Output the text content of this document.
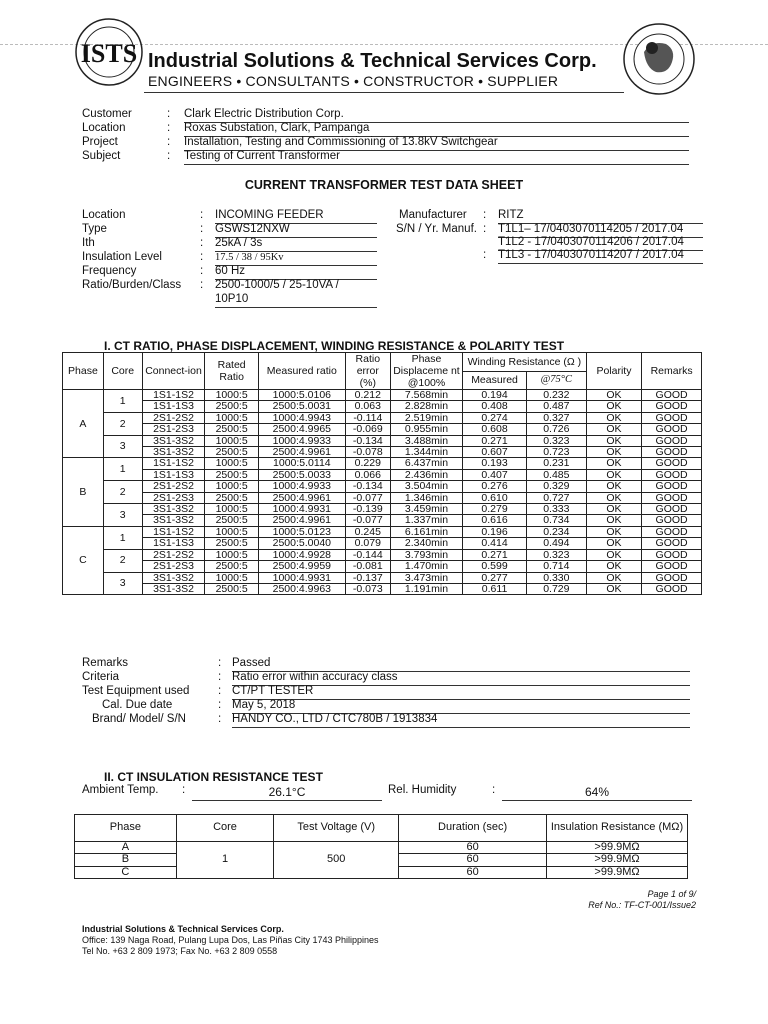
ISTS Industrial Solutions & Technical Services Corp.
ENGINEERS • CONSULTANTS • CONSTRUCTOR • SUPPLIER
Customer	: Clark Electric Distribution Corp.
Location	: Roxas Substation, Clark, Pampanga
Project	: Installation, Testing and Commissioning of 13.8kV Switchgear
Subject	: Testing of Current Transformer
CURRENT TRANSFORMER TEST DATA SHEET
Location	: INCOMING FEEDER
Type	: GSWS12NXW
Ith	: 25kA / 3s
Insulation Level	: 17.5 / 38 / 95Kv
Frequency	: 60 Hz
Ratio/Burden/Class : 2500-1000/5 / 25-10VA /
10P10
Manufacturer : RITZ
S/N / Yr. Manuf. : T1L1– 17/0403070114205 / 2017.04
T1L2 - 17/0403070114206 / 2017.04
: T1L3 - 17/0403070114207 / 2017.04
I. CT RATIO, PHASE DISPLACEMENT, WINDING RESISTANCE & POLARITY TEST
Phase	Core	Connect-ion	Rated Ratio	Measured ratio	Ratio error (%)	Phase Displaceme nt @100%	Winding Resistance (Ω )		Polarity	Remarks
							Measured	@75°C		
A	1	1S1-1S2	1000:5	1000:5.0106	0.212	7.568min	0.194	0.232	OK	GOOD
		1S1-1S3	2500:5	2500:5.0031	0.063	2.828min	0.408	0.487	OK	GOOD
	2	2S1-2S2	1000:5	1000:4.9943	-0.114	2.519min	0.274	0.327	OK	GOOD
		2S1-2S3	2500:5	2500:4.9965	-0.069	0.955min	0.608	0.726	OK	GOOD
	3	3S1-3S2	1000:5	1000:4.9933	-0.134	3.488min	0.271	0.323	OK	GOOD
		3S1-3S2	2500:5	2500:4.9961	-0.078	1.344min	0.607	0.723	OK	GOOD
B	1	1S1-1S2	1000:5	1000:5.0114	0.229	6.437min	0.193	0.231	OK	GOOD
		1S1-1S3	2500:5	2500:5.0033	0.066	2.436min	0.407	0.485	OK	GOOD
	2	2S1-2S2	1000:5	1000:4.9933	-0.134	3.504min	0.276	0.329	OK	GOOD
		2S1-2S3	2500:5	2500:4.9961	-0.077	1.346min	0.610	0.727	OK	GOOD
	3	3S1-3S2	1000:5	1000:4.9931	-0.139	3.459min	0.279	0.333	OK	GOOD
		3S1-3S2	2500:5	2500:4.9961	-0.077	1.337min	0.616	0.734	OK	GOOD
C	1	1S1-1S2	1000:5	1000:5.0123	0.245	6.161min	0.196	0.234	OK	GOOD
		1S1-1S3	2500:5	2500:5.0040	0.079	2.340min	0.414	0.494	OK	GOOD
	2	2S1-2S2	1000:5	1000:4.9928	-0.144	3.793min	0.271	0.323	OK	GOOD
		2S1-2S3	2500:5	2500:4.9959	-0.081	1.470min	0.599	0.714	OK	GOOD
	3	3S1-3S2	1000:5	1000:4.9931	-0.137	3.473min	0.277	0.330	OK	GOOD
		3S1-3S2	2500:5	2500:4.9963	-0.073	1.191min	0.611	0.729	OK	GOOD
Remarks	: Passed
Criteria	: Ratio error within accuracy class
Test Equipment used : CT/PT TESTER
Cal. Due date	: May 5, 2018
Brand/ Model/ S/N	: HANDY CO., LTD / CTC780B / 1913834
II. CT INSULATION RESISTANCE TEST
Ambient Temp. :	26.1°C	Rel. Humidity	:	64%
Phase	Core	Test Voltage (V)	Duration (sec)	Insulation Resistance (MΩ)
A	1	500	60	>99.9MΩ
B			60	>99.9MΩ
C			60	>99.9MΩ
Page 1 of 9/
Ref No.: TF-CT-001/Issue2
Industrial Solutions & Technical Services Corp.
Office: 139 Naga Road, Pulang Lupa Dos, Las Piñas City 1743 Philippines
Tel No. +63 2 809 1973; Fax No. +63 2 809 0558
